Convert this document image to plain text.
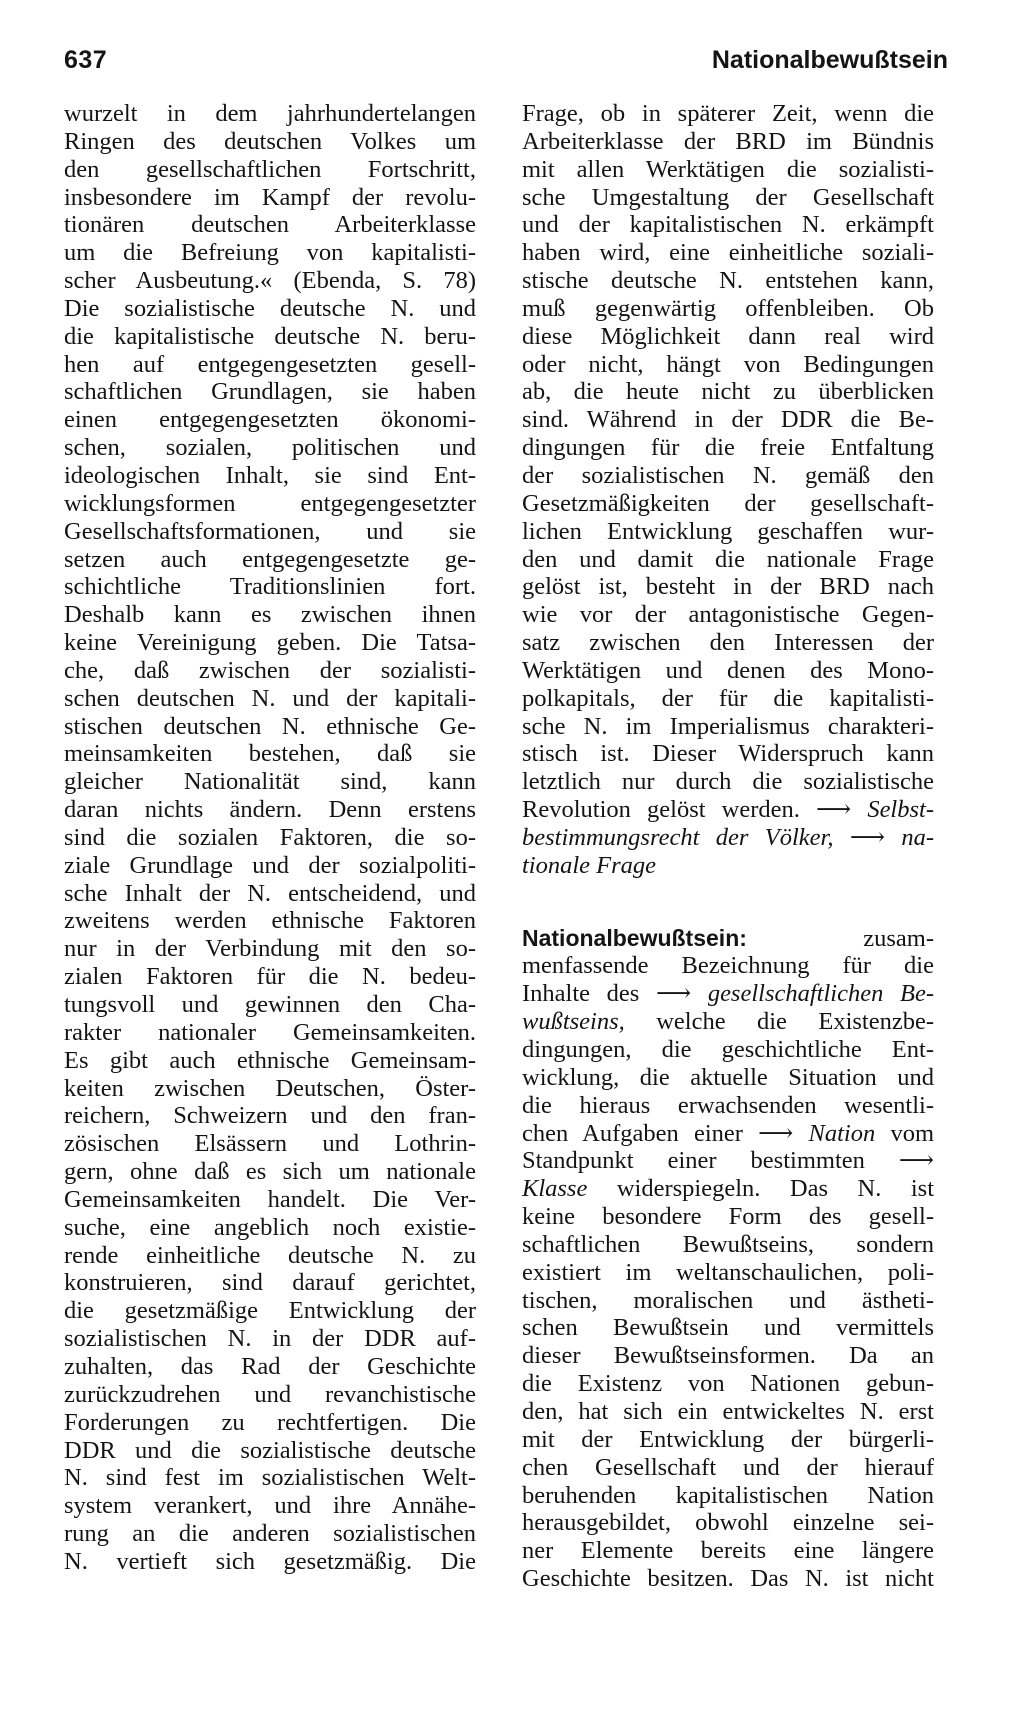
637	Nationalbewußtsein
wurzelt in dem jahrhundertelangen
Ringen des deutschen Volkes um
den gesellschaftlichen Fortschritt,
insbesondere im Kampf der revolu-
tionären deutschen Arbeiterklasse
um die Befreiung von kapitalisti-
scher Ausbeutung.« (Ebenda, S. 78)
Die sozialistische deutsche N. und
die kapitalistische deutsche N. beru-
hen auf entgegengesetzten gesell-
schaftlichen Grundlagen, sie haben
einen entgegengesetzten ökonomi-
schen, sozialen, politischen und
ideologischen Inhalt, sie sind Ent-
wicklungsformen entgegengesetzter
Gesellschaftsformationen, und sie
setzen auch entgegengesetzte ge-
schichtliche Traditionslinien fort.
Deshalb kann es zwischen ihnen
keine Vereinigung geben. Die Tatsa-
che, daß zwischen der sozialisti-
schen deutschen N. und der kapitali-
stischen deutschen N. ethnische Ge-
meinsamkeiten bestehen, daß sie
gleicher Nationalität sind, kann
daran nichts ändern. Denn erstens
sind die sozialen Faktoren, die so-
ziale Grundlage und der sozialpoliti-
sche Inhalt der N. entscheidend, und
zweitens werden ethnische Faktoren
nur in der Verbindung mit den so-
zialen Faktoren für die N. bedeu-
tungsvoll und gewinnen den Cha-
rakter nationaler Gemeinsamkeiten.
Es gibt auch ethnische Gemeinsam-
keiten zwischen Deutschen, Öster-
reichern, Schweizern und den fran-
zösischen Elsässern und Lothrin-
gern, ohne daß es sich um nationale
Gemeinsamkeiten handelt. Die Ver-
suche, eine angeblich noch existie-
rende einheitliche deutsche N. zu
konstruieren, sind darauf gerichtet,
die gesetzmäßige Entwicklung der
sozialistischen N. in der DDR auf-
zuhalten, das Rad der Geschichte
zurückzudrehen und revanchistische
Forderungen zu rechtfertigen. Die
DDR und die sozialistische deutsche
N. sind fest im sozialistischen Welt-
system verankert, und ihre Annähe-
rung an die anderen sozialistischen
N. vertieft sich gesetzmäßig. Die
Frage, ob in späterer Zeit, wenn die
Arbeiterklasse der BRD im Bündnis
mit allen Werktätigen die sozialisti-
sche Umgestaltung der Gesellschaft
und der kapitalistischen N. erkämpft
haben wird, eine einheitliche soziali-
stische deutsche N. entstehen kann,
muß gegenwärtig offenbleiben. Ob
diese Möglichkeit dann real wird
oder nicht, hängt von Bedingungen
ab, die heute nicht zu überblicken
sind. Während in der DDR die Be-
dingungen für die freie Entfaltung
der sozialistischen N. gemäß den
Gesetzmäßigkeiten der gesellschaft-
lichen Entwicklung geschaffen wur-
den und damit die nationale Frage
gelöst ist, besteht in der BRD nach
wie vor der antagonistische Gegen-
satz zwischen den Interessen der
Werktätigen und denen des Mono-
polkapitals, der für die kapitalisti-
sche N. im Imperialismus charakteri-
stisch ist. Dieser Widerspruch kann
letztlich nur durch die sozialistische
Revolution gelöst werden. ⟶ Selbst-
bestimmungsrecht der Völker, ⟶ na-
tionale Frage
Nationalbewußtsein:	zusam-
menfassende Bezeichnung für die
Inhalte des ⟶ gesellschaftlichen Be-
wußtseins, welche die Existenzbe-
dingungen, die geschichtliche Ent-
wicklung, die aktuelle Situation und
die hieraus erwachsenden wesentli-
chen Aufgaben einer ⟶ Nation vom
Standpunkt einer bestimmten ⟶
Klasse widerspiegeln. Das N. ist
keine besondere Form des gesell-
schaftlichen Bewußtseins, sondern
existiert im weltanschaulichen, poli-
tischen, moralischen und ästheti-
schen Bewußtsein und vermittels
dieser Bewußtseinsformen. Da an
die Existenz von Nationen gebun-
den, hat sich ein entwickeltes N. erst
mit der Entwicklung der bürgerli-
chen Gesellschaft und der hierauf
beruhenden kapitalistischen Nation
herausgebildet, obwohl einzelne sei-
ner Elemente bereits eine längere
Geschichte besitzen. Das N. ist nicht
